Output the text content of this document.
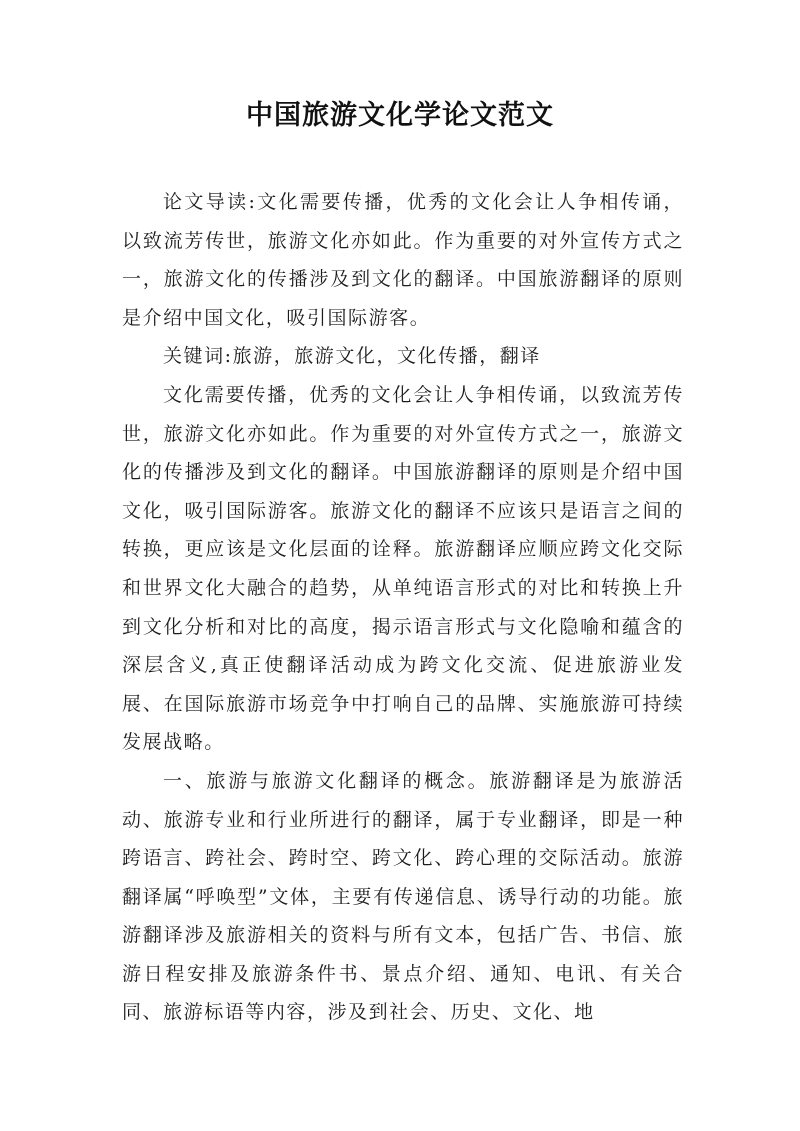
中国旅游文化学论文范文

论文导读:文化需要传播，优秀的文化会让人争相传诵，以致流芳传世，旅游文化亦如此。作为重要的对外宣传方式之一，旅游文化的传播涉及到文化的翻译。中国旅游翻译的原则是介绍中国文化，吸引国际游客。

关键词:旅游，旅游文化，文化传播，翻译

文化需要传播，优秀的文化会让人争相传诵，以致流芳传世，旅游文化亦如此。作为重要的对外宣传方式之一，旅游文化的传播涉及到文化的翻译。中国旅游翻译的原则是介绍中国文化，吸引国际游客。旅游文化的翻译不应该只是语言之间的转换，更应该是文化层面的诠释。旅游翻译应顺应跨文化交际和世界文化大融合的趋势，从单纯语言形式的对比和转换上升到文化分析和对比的高度，揭示语言形式与文化隐喻和蕴含的深层含义,真正使翻译活动成为跨文化交流、促进旅游业发展、在国际旅游市场竞争中打响自己的品牌、实施旅游可持续发展战略。

一、旅游与旅游文化翻译的概念。旅游翻译是为旅游活动、旅游专业和行业所进行的翻译，属于专业翻译，即是一种跨语言、跨社会、跨时空、跨文化、跨心理的交际活动。旅游翻译属“呼唤型”文体，主要有传递信息、诱导行动的功能。旅游翻译涉及旅游相关的资料与所有文本，包括广告、书信、旅游日程安排及旅游条件书、景点介绍、通知、电讯、有关合同、旅游标语等内容，涉及到社会、历史、文化、地
